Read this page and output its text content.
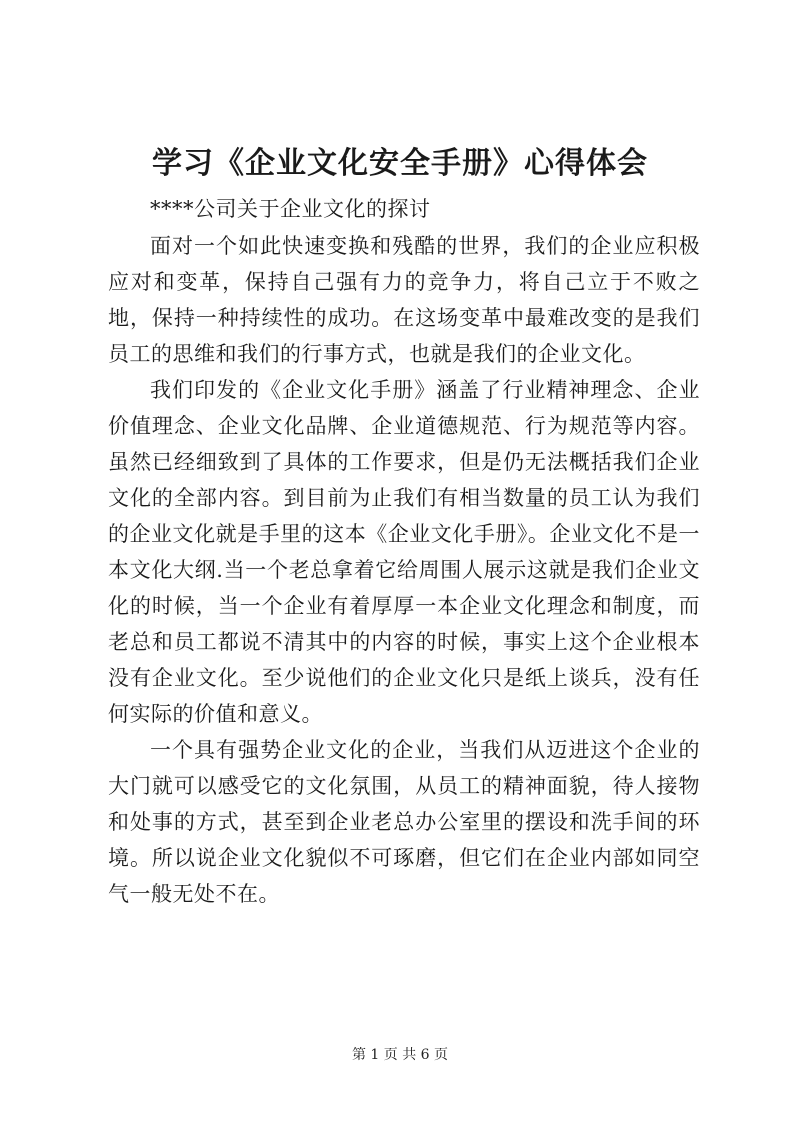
学习《企业文化安全手册》心得体会
****公司关于企业文化的探讨

面对一个如此快速变换和残酷的世界，我们的企业应积极应对和变革，保持自己强有力的竞争力，将自己立于不败之地，保持一种持续性的成功。在这场变革中最难改变的是我们员工的思维和我们的行事方式，也就是我们的企业文化。

我们印发的《企业文化手册》涵盖了行业精神理念、企业价值理念、企业文化品牌、企业道德规范、行为规范等内容。虽然已经细致到了具体的工作要求，但是仍无法概括我们企业文化的全部内容。到目前为止我们有相当数量的员工认为我们的企业文化就是手里的这本《企业文化手册》。企业文化不是一本文化大纲.当一个老总拿着它给周围人展示这就是我们企业文化的时候，当一个企业有着厚厚一本企业文化理念和制度，而老总和员工都说不清其中的内容的时候，事实上这个企业根本没有企业文化。至少说他们的企业文化只是纸上谈兵，没有任何实际的价值和意义。

一个具有强势企业文化的企业，当我们从迈进这个企业的大门就可以感受它的文化氛围，从员工的精神面貌，待人接物和处事的方式，甚至到企业老总办公室里的摆设和洗手间的环境。所以说企业文化貌似不可琢磨，但它们在企业内部如同空气一般无处不在。

第 1 页 共 6 页
